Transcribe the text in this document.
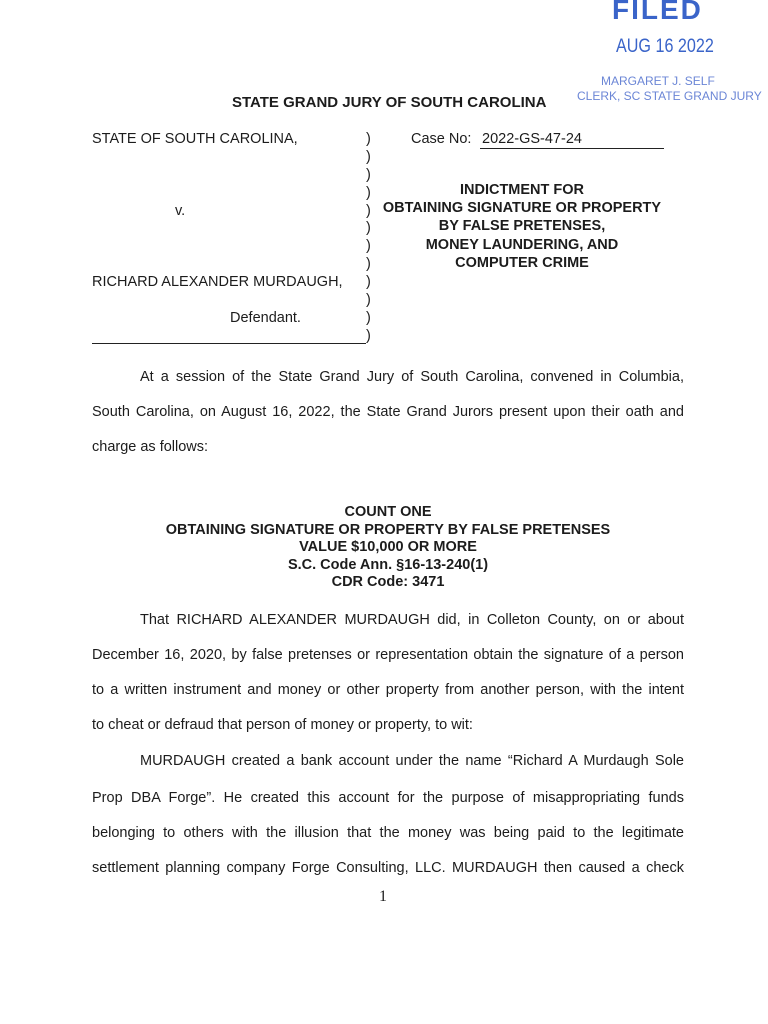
FILED
AUG 16 2022
MARGARET J. SELF
CLERK, SC STATE GRAND JURY
STATE GRAND JURY OF SOUTH CAROLINA
STATE OF SOUTH CAROLINA,
v.
RICHARD ALEXANDER MURDAUGH,
Defendant.
)
)
)
)
)
)
)
)
)
)
)
)
Case No: 2022-GS-47-24
INDICTMENT FOR
OBTAINING SIGNATURE OR PROPERTY
BY FALSE PRETENSES,
MONEY LAUNDERING, AND
COMPUTER CRIME
At a session of the State Grand Jury of South Carolina, convened in Columbia,
South Carolina, on August 16, 2022, the State Grand Jurors present upon their oath and
charge as follows:
COUNT ONE
OBTAINING SIGNATURE OR PROPERTY BY FALSE PRETENSES
VALUE $10,000 OR MORE
S.C. Code Ann. §16-13-240(1)
CDR Code: 3471
That RICHARD ALEXANDER MURDAUGH did, in Colleton County, on or about
December 16, 2020, by false pretenses or representation obtain the signature of a person
to a written instrument and money or other property from another person, with the intent
to cheat or defraud that person of money or property, to wit:
MURDAUGH created a bank account under the name “Richard A Murdaugh Sole
Prop DBA Forge”. He created this account for the purpose of misappropriating funds
belonging to others with the illusion that the money was being paid to the legitimate
settlement planning company Forge Consulting, LLC. MURDAUGH then caused a check
1
